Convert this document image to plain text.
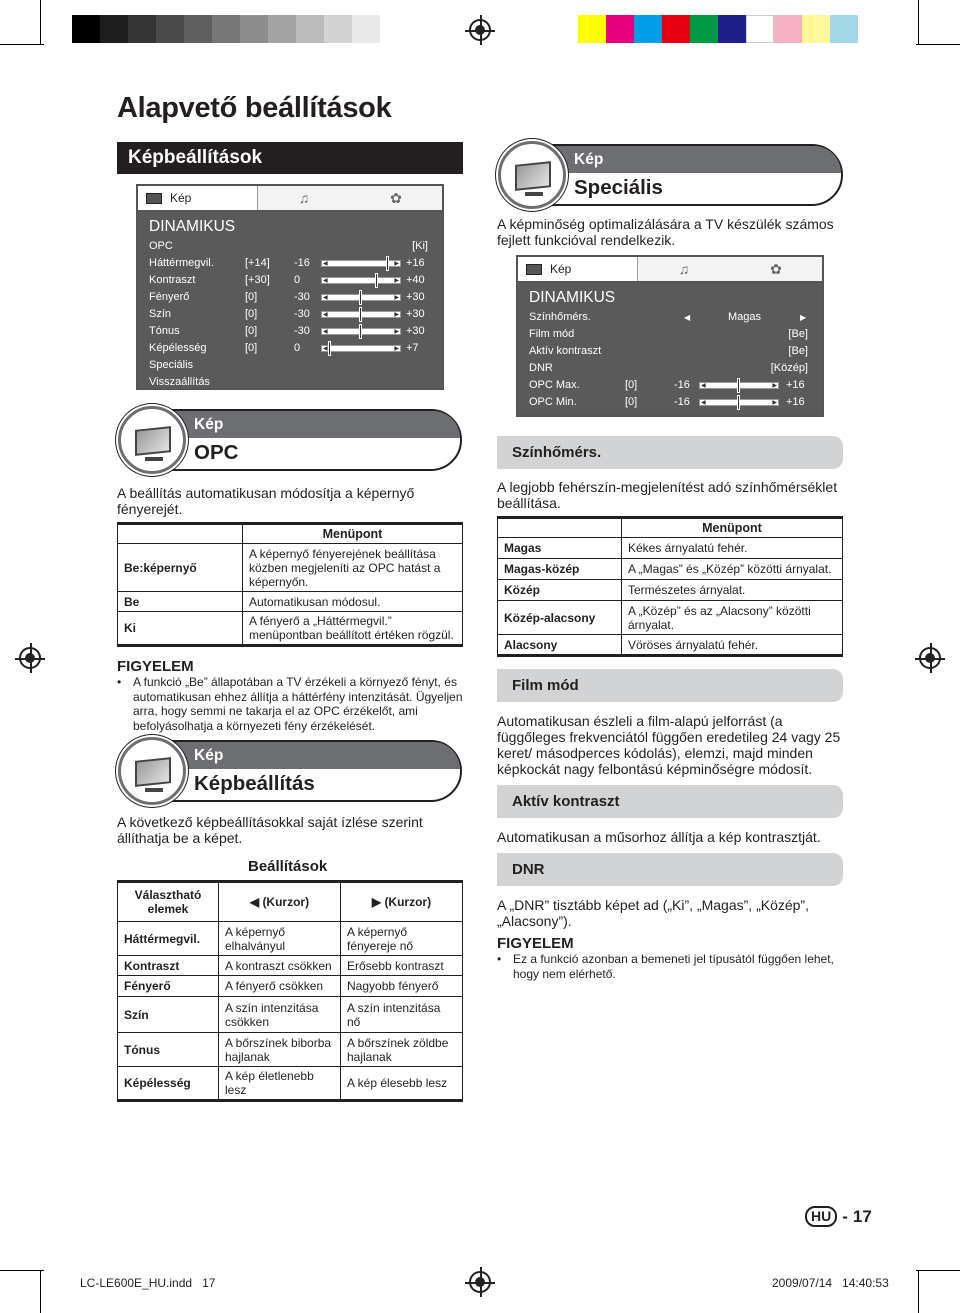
Alapvető beállítások
Képbeállítások
Kép	♫	✿
DINAMIKUS
OPC	[Ki]
Háttérmegvil.	[+14] -16 ◀	▶ +16
Kontraszt	[+30] 0	◀	▶ +40
Fényerő	[0]	-30 ◀	▶ +30
Szín	[0]	-30 ◀	▶ +30
Tónus	[0]	-30 ◀	▶ +30
Képélesség	[0]	0	◀	▶ +7
Speciális
Visszaállítás
Kép
OPC
A beállítás automatikusan módosítja a képernyő fényerejét.
	Menüpont
Be:képernyő	A képernyő fényerejének beállítása közben megjeleníti az OPC hatást a képernyőn.
Be	Automatikusan módosul.
Ki	A fényerő a „Háttérmegvil.” menüpontban beállított értéken rögzül.
FIGYELEM
• A funkció „Be” állapotában a TV érzékeli a környező fényt, és automatikusan ehhez állítja a háttérfény intenzitását. Ügyeljen arra, hogy semmi ne takarja el az OPC érzékelőt, ami befolyásolhatja a környezeti fény érzékelését.
Kép
Képbeállítás
A következő képbeállításokkal saját ízlése szerint állíthatja be a képet.
Beállítások
Választható elemek	◀ (Kurzor)	▶ (Kurzor)
Háttérmegvil.	A képernyő elhalványul	A képernyő fényereje nő
Kontraszt	A kontraszt csökken	Erősebb kontraszt
Fényerő	A fényerő csökken	Nagyobb fényerő
Szín	A szín intenzitása csökken	A szín intenzitása nő
Tónus	A bőrszínek biborba hajlanak	A bőrszínek zöldbe hajlanak
Képélesség	A kép életlenebb lesz	A kép élesebb lesz
Kép
Speciális
A képminőség optimalizálására a TV készülék számos fejlett funkcióval rendelkezik.
Kép	♫	✿
DINAMIKUS
Színhőmérs.	◀	Magas	▶
Film mód	[Be]
Aktív kontraszt	[Be]
DNR	[Közép]
OPC Max.	[0]	-16 ◀	▶ +16
OPC Min.	[0]	-16 ◀	▶ +16
Színhőmérs.
A legjobb fehérszín-megjelenítést adó színhőmérséklet beállítása.
	Menüpont
Magas	Kékes árnyalatú fehér.
Magas-közép	A „Magas” és „Közép” közötti árnyalat.
Közép	Természetes árnyalat.
Közép-alacsony	A „Közép” és az „Alacsony” közötti árnyalat.
Alacsony	Vöröses árnyalatú fehér.
Film mód
Automatikusan észleli a film-alapú jelforrást (a függőleges frekvenciától függően eredetileg 24 vagy 25 keret/ másodperces kódolás), elemzi, majd minden képkockát nagy felbontású képminőségre módosít.
Aktív kontraszt
Automatikusan a műsorhoz állítja a kép kontrasztját.
DNR
A „DNR” tisztább képet ad („Ki”, „Magas”, „Közép”, „Alacsony”).
FIGYELEM
• Ez a funkció azonban a bemeneti jel típusától függően lehet, hogy nem elérhető.
HU - 17
LC-LE600E_HU.indd   17	2009/07/14   14:40:53
